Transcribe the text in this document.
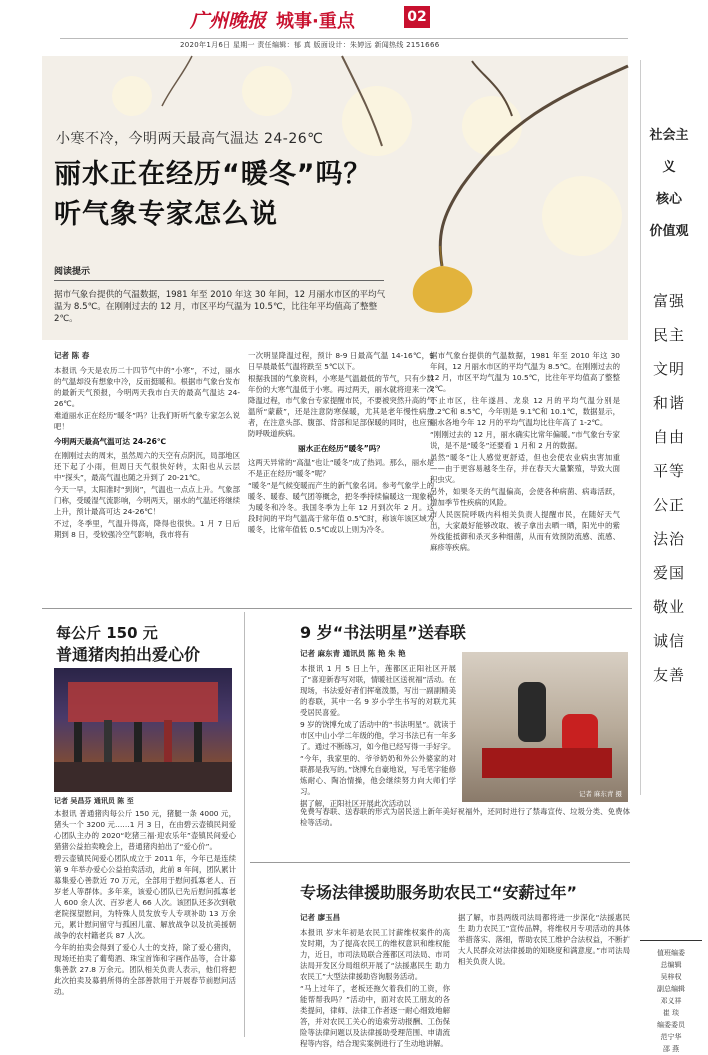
广州晚报 城事·重点	02
2020年1月6日 星期一 责任编辑：郁 真 版面设计：朱婷远 新闻热线 2151666
小寒不冷，今明两天最高气温达 24-26℃
丽水正在经历“暖冬”吗？
听气象专家怎么说
阅读提示
据市气象台提供的气温数据，1981 年至 2010 年这 30 年间，12 月丽水市区的平均气温为 8.5℃。在刚刚过去的 12 月，市区平均气温为 10.5℃，比往年平均值高了整整 2℃。
记者 陈 春

本报讯 今天是农历二十四节气中的“小寒”，不过，丽水的气温却没有想象中冷，反而挺暖和。根据市气象台发布的最新天气预报，今明两天我市白天的最高气温达 24-26℃。

难道丽水正在经历“暖冬”吗？让我们听听气象专家怎么说吧！

今明两天最高气温可达 24-26℃

在刚刚过去的周末，虽然周六的天空有点阴沉，局部地区还下起了小雨，但周日天气很快好转，太阳也从云层中“探头”，最高气温也随之升到了 20-21℃。

今天一早，太阳准时“到岗”，气温也一点点上升。气象部门称，受暖湿气流影响，今明两天，丽水的气温还将继续上升，预计最高可达 24-26℃！

不过，冬季里，气温升得高，降得也很快。1 月 7 日后期到 8 日，受较强冷空气影响，我市将有

一次明显降温过程，预计 8-9 日最高气温 14-16℃，9 日早晨最低气温将跌至 5℃以下。

根据我国的气象资料，小寒是气温最低的节气，只有少数年份的大寒气温低于小寒。再过两天，丽水就将迎来一次降温过程，市气象台专家提醒市民，不要被突然升高的气温所“蒙蔽”，还是注意防寒保暖，尤其是老年慢性病患者，在注意头部、腹部、背部和足部保暖的同时，也应预防呼吸道疾病。

丽水正在经历“暖冬”吗？

这两天异常的“高温”也让“暖冬”成了热词。那么，丽水是不是正在经历“暖冬”呢？

“暖冬”是气候变暖而产生的新气象名词。参考气象学上的暖冬、暖春、暖气团等概念，把冬季持续偏暖这一现象称为暖冬和冷冬。我国冬季为上年 12 月到次年 2 月。这段时间的平均气温高于常年值 0.5℃时，称该年该区域为暖冬，比常年值低 0.5℃或以上则为冷冬。

据市气象台提供的气温数据，1981 年至 2010 年这 30 年间，12 月丽水市区的平均气温为 8.5℃。在刚刚过去的 12 月，市区平均气温为 10.5℃，比往年平均值高了整整 2℃。

不止市区，往年遂昌、龙泉 12 月的平均气温分别是 7.2℃和 8.5℃，今年则是 9.1℃和 10.1℃，数据显示，丽水各地今年 12 月的平均气温均比往年高了 1-2℃。

“刚刚过去的 12 月，丽水确实比常年偏暖。”市气象台专家说，是不是“暖冬”还要看 1 月和 2 月的数据。

虽然“暖冬”让人感觉更舒适，但也会使农业病虫害加重——由于更容易越冬生存，并在春天大量繁殖，导致大面积虫灾。

另外，如果冬天的气温偏高，会使各种病菌、病毒活跃，增加季节性疾病的风险。

市人民医院呼吸内科相关负责人提醒市民，在随好天气出，大家最好能够改取、被子拿出去晒一晒，阳光中的紫外线能抵御和杀灭多种细菌，从而有效预防流感、流感、麻疹等疾病。

社会主义
核心
价值观
富强
民主
文明
和谐
自由
平等
公正
法治
爱国
敬业
诚信
友善
值班编委
总编辑
吴梓权
副总编辑
邓义祥
崔 琰
编委委员
范宁华
邵 燕
每公斤 150 元
普通猪肉拍出爱心价
记者 吴昌芬 通讯员 陈 至

本报讯 普通猪肉每公斤 150 元，猪腿一条 4000 元，猪头一个 3200 元……1 月 3 日，在由碧云壶镇民间爱心团队主办的 2020“吃猪三福·迎农乐年”壶镇民间爱心猎猪公益拍卖晚会上，普通猪肉拍出了“爱心价”。

碧云壶镇民间爱心团队成立于 2011 年，今年已是连续第 9 年举办爱心公益拍卖活动，此前 8 年间，团队累计募集爱心善款近 70 万元，全部用于慰问孤寡老人、百岁老人等群体。多年来，该爱心团队已先后慰问孤寡老人 600 余人次、百岁老人 66 人次。该团队还多次到敬老院探望慰问，为特殊人员发放专人专项补助 13 万余元，累计慰问留守与孤困儿童、解放战争以及抗美援朝战争的农村籍老兵 87 人次。

今年的拍卖会得到了爱心人士的支持，除了爱心猪肉，现场还拍卖了葡萄酒、珠宝首饰和字画作品等，合计募集善款 27.8 万余元。团队相关负责人表示，他们将把此次拍卖及募捐所得的全部善款用于开展春节前慰问活动。

9 岁“书法明星”送春联
记者 麻东青 通讯员 陈 艳 朱 艳

本报讯 1 月 5 日上午，莲都区正阳社区开展了“喜迎新春写对联，情暖社区送祝福”活动。在现场，书法爱好者们挥毫泼墨，写出一副副精美的春联，其中一名 9 岁小学生书写的对联尤其受居民喜爱。

9 岁的饶博允成了活动中的“书法明星”。就读于市区中山小学二年级的他，学习书法已有一年多了。通过不断练习，如今他已经写得一手好字。

“今年，我家里的、爷爷奶奶和外公外婆家的对联都是我写的。”饶博允自豪地说，写毛笔字能修炼耐心、陶冶情操，他会继续努力向大师们学习。

据了解，正阳社区开展此次活动以

记者 麻东青 摄
免费写春联、送春联的形式为居民送上新年美好祝福外，还同时进行了禁毒宣传、垃圾分类、免费体检等活动。
专场法律援助服务助农民工“安薪过年”
记者 廖玉昌

本报讯 岁末年初是农民工讨薪维权案件的高发时期，为了提高农民工的维权意识和维权能力，近日，市司法局联合莲都区司法局、市司法局开发区分局组织开展了“法援惠民生 助力农民工”大型法律援助咨询服务活动。

“马上过年了，老板还拖欠着我们的工资，你能帮帮我吗？”活动中，面对农民工朋友的各类提问，律师、法律工作者逐一耐心细致地解答，并对农民工关心的追索劳动报酬、工伤保险等法律问题以及法律援助受理范围、申请流程等内容，结合现实案例进行了生动地讲解。

据了解，市县两级司法局都将进一步深化“法援惠民生 助力农民工”宣传品牌，将维权月专项活动的具体举措落实、落细，帮助农民工维护合法权益，不断扩大人民群众对法律援助的知晓度和满意度。”市司法局相关负责人说。
